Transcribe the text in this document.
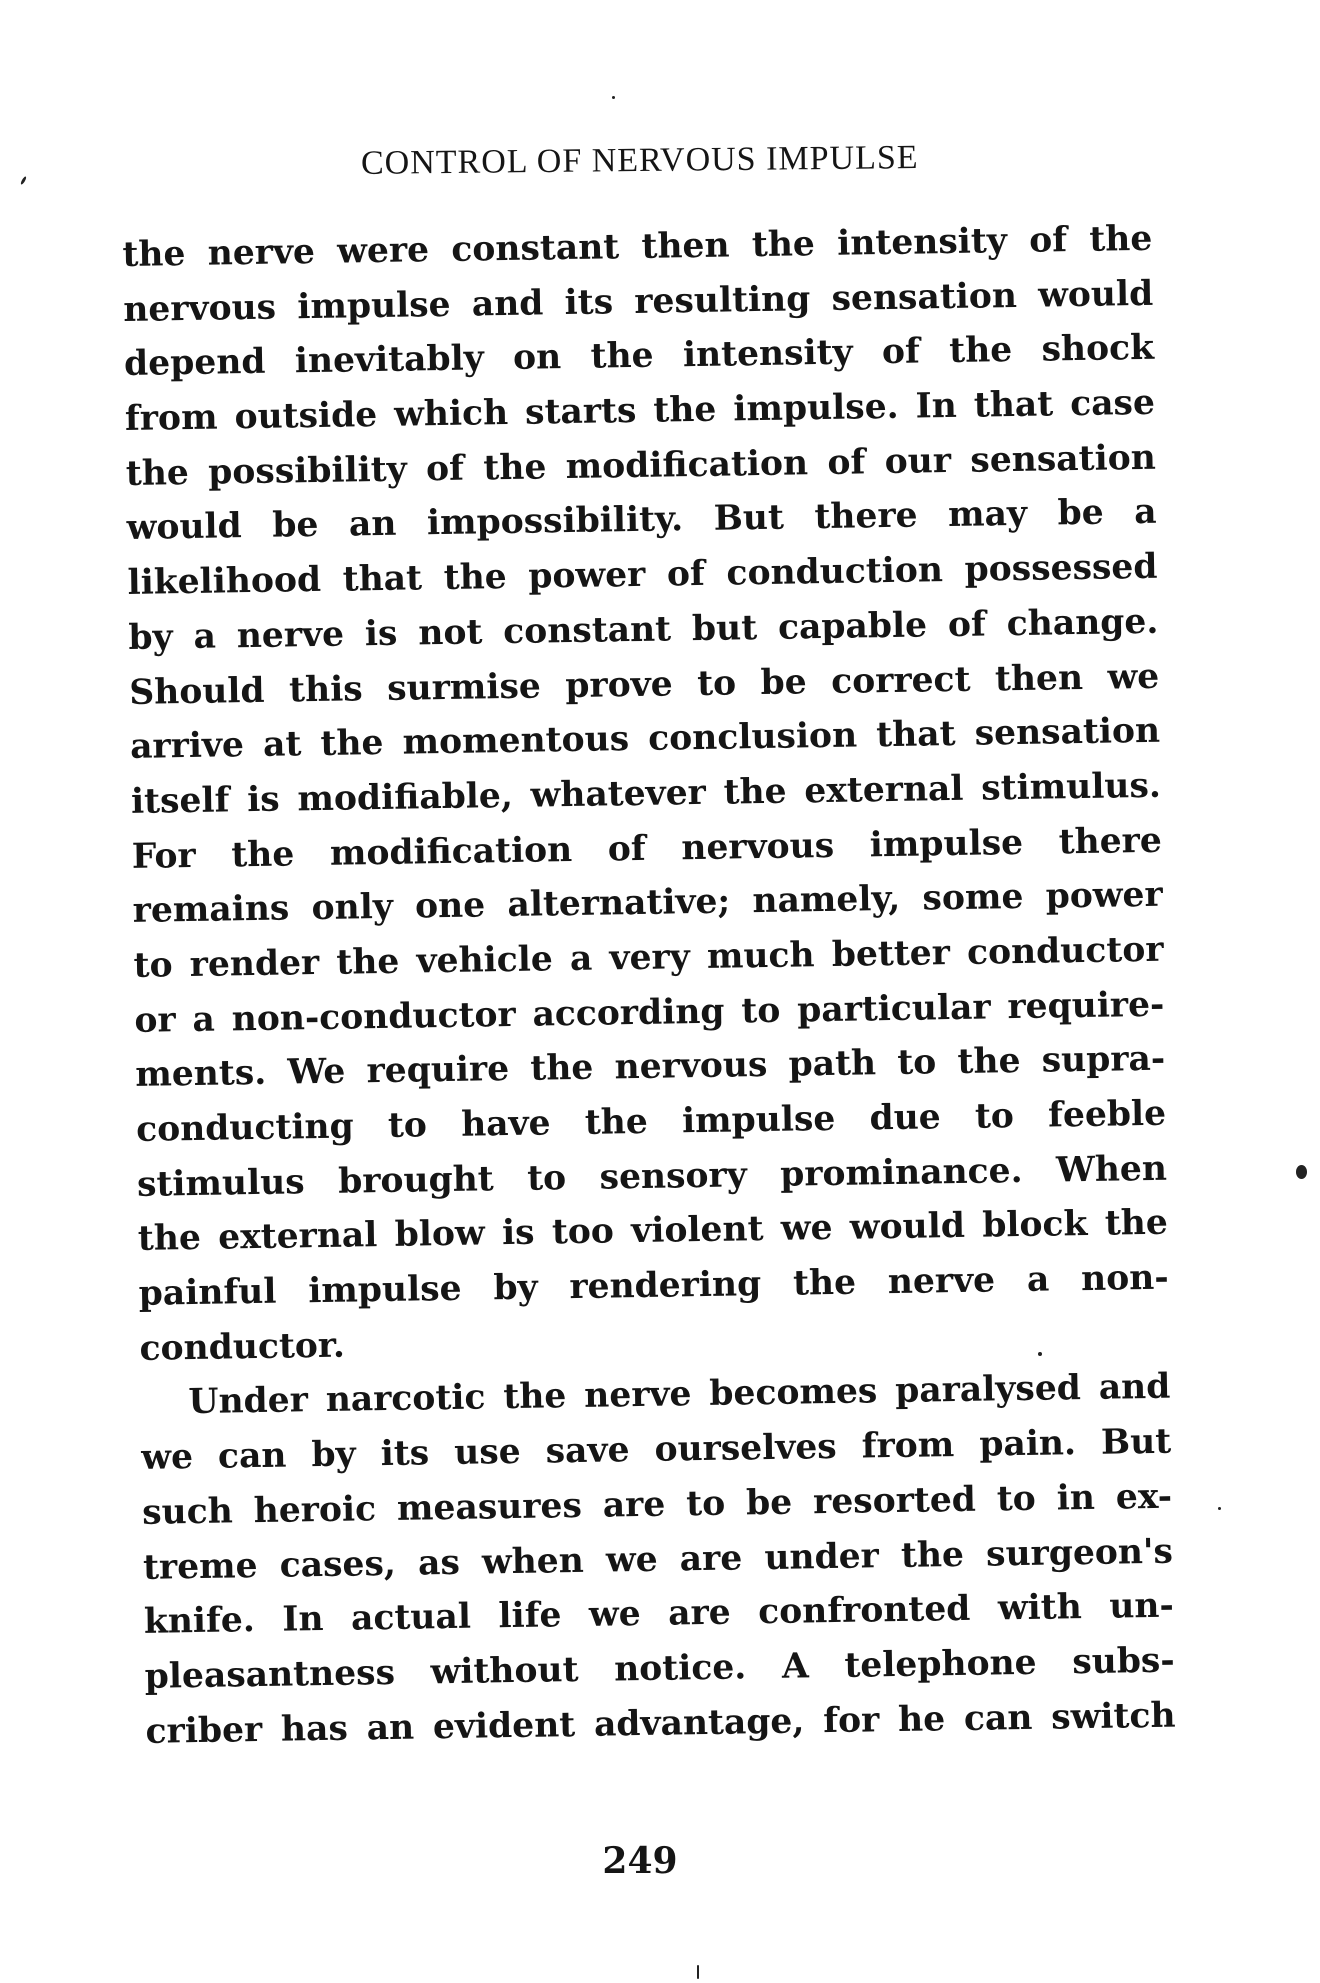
CONTROL OF NERVOUS IMPULSE
the nerve were constant then the intensity of the
nervous impulse and its resulting sensation would
depend inevitably on the intensity of the shock
from outside which starts the impulse. In that case
the possibility of the modification of our sensation
would be an impossibility. But there may be a
likelihood that the power of conduction possessed
by a nerve is not constant but capable of change.
Should this surmise prove to be correct then we
arrive at the momentous conclusion that sensation
itself is modifiable, whatever the external stimulus.
For the modification of nervous impulse there
remains only one alternative; namely, some power
to render the vehicle a very much better conductor
or a non-conductor according to particular require-
ments. We require the nervous path to the supra-
conducting to have the impulse due to feeble
stimulus brought to sensory prominance. When
the external blow is too violent we would block the
painful impulse by rendering the nerve a non-
conductor.
Under narcotic the nerve becomes paralysed and
we can by its use save ourselves from pain. But
such heroic measures are to be resorted to in ex-
treme cases, as when we are under the surgeon's
knife. In actual life we are confronted with un-
pleasantness without notice. A telephone subs-
criber has an evident advantage, for he can switch
249
